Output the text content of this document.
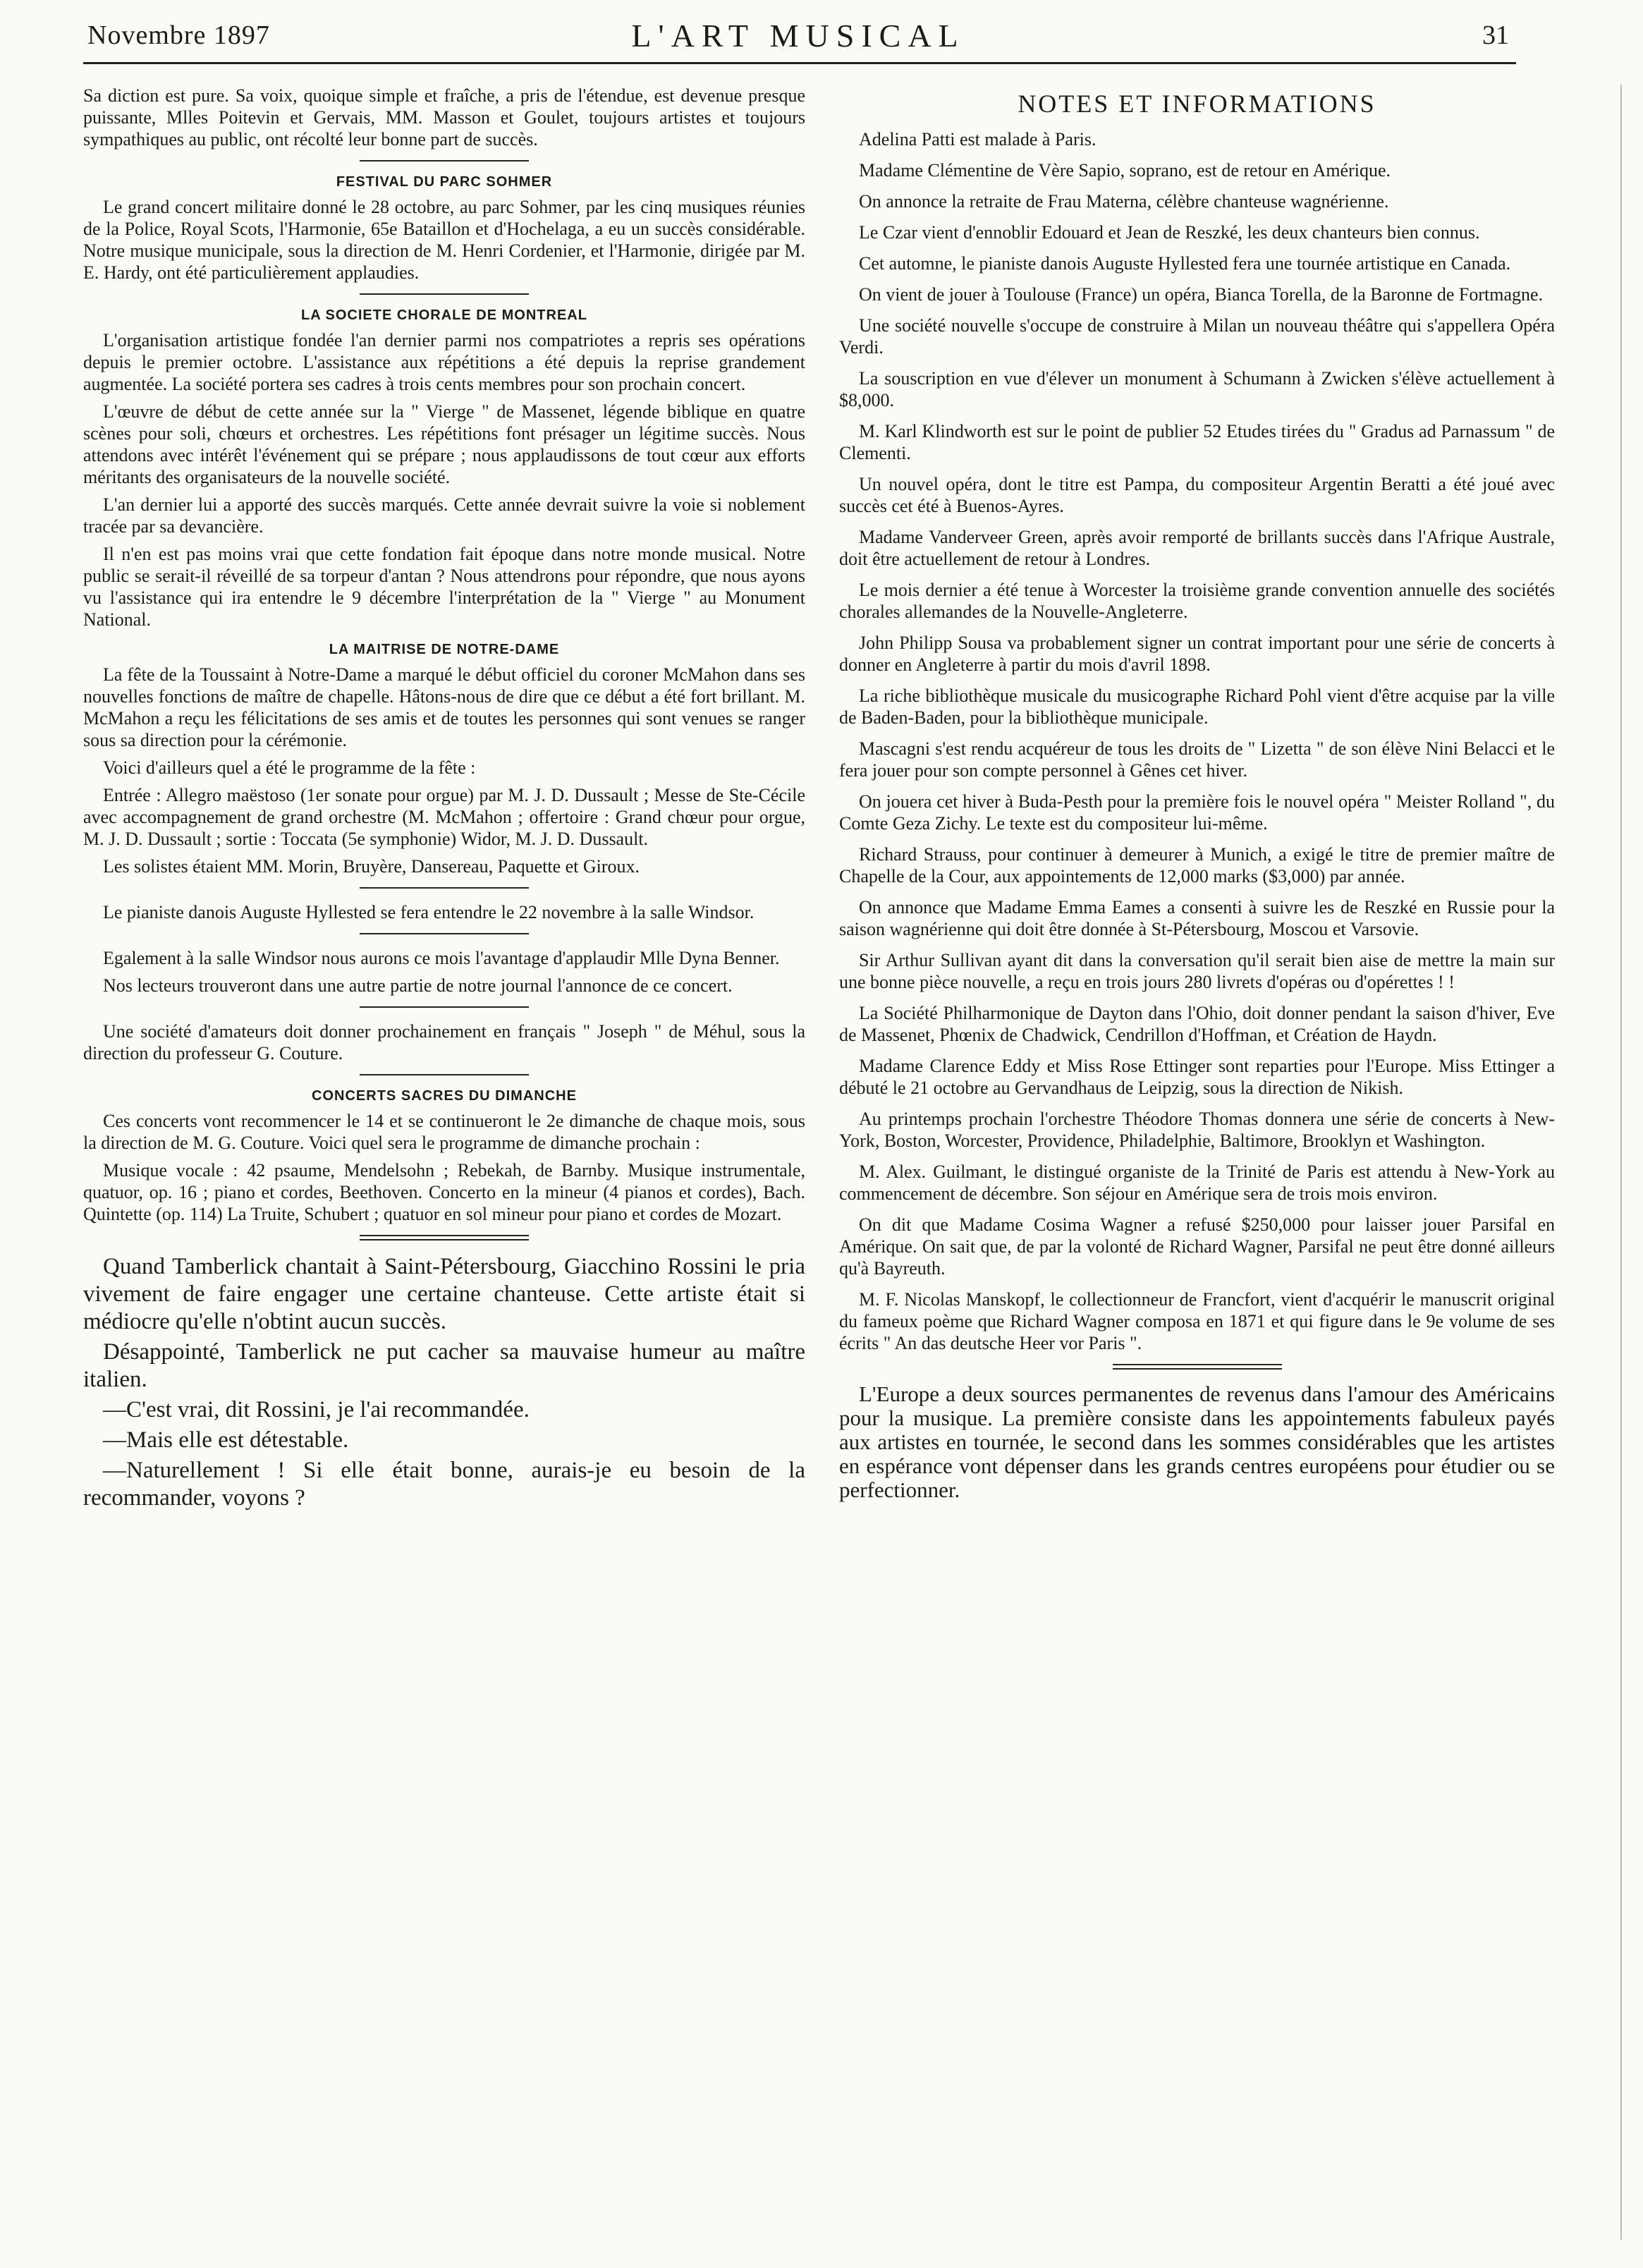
Novembre 1897	L'ART MUSICAL	31

Sa diction est pure. Sa voix, quoique simple et fraîche, a pris de l'étendue, est devenue presque puissante, Mlles Poitevin et Gervais, MM. Masson et Goulet, toujours artistes et toujours sympathiques au public, ont récolté leur bonne part de succès.

FESTIVAL DU PARC SOHMER

Le grand concert militaire donné le 28 octobre, au parc Sohmer, par les cinq musiques réunies de la Police, Royal Scots, l'Harmonie, 65e Bataillon et d'Hochelaga, a eu un succès considérable. Notre musique municipale, sous la direction de M. Henri Cordenier, et l'Harmonie, dirigée par M. E. Hardy, ont été particulièrement applaudies.

LA SOCIETE CHORALE DE MONTREAL

L'organisation artistique fondée l'an dernier parmi nos compatriotes a repris ses opérations depuis le premier octobre. L'assistance aux répétitions a été depuis la reprise grandement augmentée. La société portera ses cadres à trois cents membres pour son prochain concert.

L'œuvre de début de cette année sur la " Vierge " de Massenet, légende biblique en quatre scènes pour soli, chœurs et orchestres. Les répétitions font présager un légitime succès. Nous attendons avec intérêt l'événement qui se prépare ; nous applaudissons de tout cœur aux efforts méritants des organisateurs de la nouvelle société.

L'an dernier lui a apporté des succès marqués. Cette année devrait suivre la voie si noblement tracée par sa devancière.

Il n'en est pas moins vrai que cette fondation fait époque dans notre monde musical. Notre public se serait-il réveillé de sa torpeur d'antan ? Nous attendrons pour répondre, que nous ayons vu l'assistance qui ira entendre le 9 décembre l'interprétation de la " Vierge " au Monument National.

LA MAITRISE DE NOTRE-DAME

La fête de la Toussaint à Notre-Dame a marqué le début officiel du coroner McMahon dans ses nouvelles fonctions de maître de chapelle. Hâtons-nous de dire que ce début a été fort brillant. M. McMahon a reçu les félicitations de ses amis et de toutes les personnes qui sont venues se ranger sous sa direction pour la cérémonie.

Voici d'ailleurs quel a été le programme de la fête :

Entrée : Allegro maëstoso (1er sonate pour orgue) par M. J. D. Dussault ; Messe de Ste-Cécile avec accompagnement de grand orchestre (M. McMahon ; offertoire : Grand chœur pour orgue, M. J. D. Dussault ; sortie : Toccata (5e symphonie) Widor, M. J. D. Dussault.

Les solistes étaient MM. Morin, Bruyère, Dansereau, Paquette et Giroux.

Le pianiste danois Auguste Hyllested se fera entendre le 22 novembre à la salle Windsor.

Egalement à la salle Windsor nous aurons ce mois l'avantage d'applaudir Mlle Dyna Benner.

Nos lecteurs trouveront dans une autre partie de notre journal l'annonce de ce concert.

Une société d'amateurs doit donner prochainement en français " Joseph " de Méhul, sous la direction du professeur G. Couture.

CONCERTS SACRES DU DIMANCHE

Ces concerts vont recommencer le 14 et se continueront le 2e dimanche de chaque mois, sous la direction de M. G. Couture. Voici quel sera le programme de dimanche prochain :

Musique vocale : 42 psaume, Mendelsohn ; Rebekah, de Barnby. Musique instrumentale, quatuor, op. 16 ; piano et cordes, Beethoven. Concerto en la mineur (4 pianos et cordes), Bach. Quintette (op. 114) La Truite, Schubert ; quatuor en sol mineur pour piano et cordes de Mozart.

Quand Tamberlick chantait à Saint-Pétersbourg, Giacchino Rossini le pria vivement de faire engager une certaine chanteuse. Cette artiste était si médiocre qu'elle n'obtint aucun succès.

Désappointé, Tamberlick ne put cacher sa mauvaise humeur au maître italien.

—C'est vrai, dit Rossini, je l'ai recommandée.

—Mais elle est détestable.

—Naturellement ! Si elle était bonne, aurais-je eu besoin de la recommander, voyons ?

NOTES ET INFORMATIONS

Adelina Patti est malade à Paris.

Madame Clémentine de Vère Sapio, soprano, est de retour en Amérique.

On annonce la retraite de Frau Materna, célèbre chanteuse wagnérienne.

Le Czar vient d'ennoblir Edouard et Jean de Reszké, les deux chanteurs bien connus.

Cet automne, le pianiste danois Auguste Hyllested fera une tournée artistique en Canada.

On vient de jouer à Toulouse (France) un opéra, Bianca Torella, de la Baronne de Fortmagne.

Une société nouvelle s'occupe de construire à Milan un nouveau théâtre qui s'appellera Opéra Verdi.

La souscription en vue d'élever un monument à Schumann à Zwicken s'élève actuellement à $8,000.

M. Karl Klindworth est sur le point de publier 52 Etudes tirées du " Gradus ad Parnassum " de Clementi.

Un nouvel opéra, dont le titre est Pampa, du compositeur Argentin Beratti a été joué avec succès cet été à Buenos-Ayres.

Madame Vanderveer Green, après avoir remporté de brillants succès dans l'Afrique Australe, doit être actuellement de retour à Londres.

Le mois dernier a été tenue à Worcester la troisième grande convention annuelle des sociétés chorales allemandes de la Nouvelle-Angleterre.

John Philipp Sousa va probablement signer un contrat important pour une série de concerts à donner en Angleterre à partir du mois d'avril 1898.

La riche bibliothèque musicale du musicographe Richard Pohl vient d'être acquise par la ville de Baden-Baden, pour la bibliothèque municipale.

Mascagni s'est rendu acquéreur de tous les droits de " Lizetta " de son élève Nini Belacci et le fera jouer pour son compte personnel à Gênes cet hiver.

On jouera cet hiver à Buda-Pesth pour la première fois le nouvel opéra " Meister Rolland ", du Comte Geza Zichy. Le texte est du compositeur lui-même.

Richard Strauss, pour continuer à demeurer à Munich, a exigé le titre de premier maître de Chapelle de la Cour, aux appointements de 12,000 marks ($3,000) par année.

On annonce que Madame Emma Eames a consenti à suivre les de Reszké en Russie pour la saison wagnérienne qui doit être donnée à St-Pétersbourg, Moscou et Varsovie.

Sir Arthur Sullivan ayant dit dans la conversation qu'il serait bien aise de mettre la main sur une bonne pièce nouvelle, a reçu en trois jours 280 livrets d'opéras ou d'opérettes ! !

La Société Philharmonique de Dayton dans l'Ohio, doit donner pendant la saison d'hiver, Eve de Massenet, Phœnix de Chadwick, Cendrillon d'Hoffman, et Création de Haydn.

Madame Clarence Eddy et Miss Rose Ettinger sont reparties pour l'Europe. Miss Ettinger a débuté le 21 octobre au Gervandhaus de Leipzig, sous la direction de Nikish.

Au printemps prochain l'orchestre Théodore Thomas donnera une série de concerts à New-York, Boston, Worcester, Providence, Philadelphie, Baltimore, Brooklyn et Washington.

M. Alex. Guilmant, le distingué organiste de la Trinité de Paris est attendu à New-York au commencement de décembre. Son séjour en Amérique sera de trois mois environ.

On dit que Madame Cosima Wagner a refusé $250,000 pour laisser jouer Parsifal en Amérique. On sait que, de par la volonté de Richard Wagner, Parsifal ne peut être donné ailleurs qu'à Bayreuth.

M. F. Nicolas Manskopf, le collectionneur de Francfort, vient d'acquérir le manuscrit original du fameux poème que Richard Wagner composa en 1871 et qui figure dans le 9e volume de ses écrits " An das deutsche Heer vor Paris ".

L'Europe a deux sources permanentes de revenus dans l'amour des Américains pour la musique. La première consiste dans les appointements fabuleux payés aux artistes en tournée, le second dans les sommes considérables que les artistes en espérance vont dépenser dans les grands centres européens pour étudier ou se perfectionner.
